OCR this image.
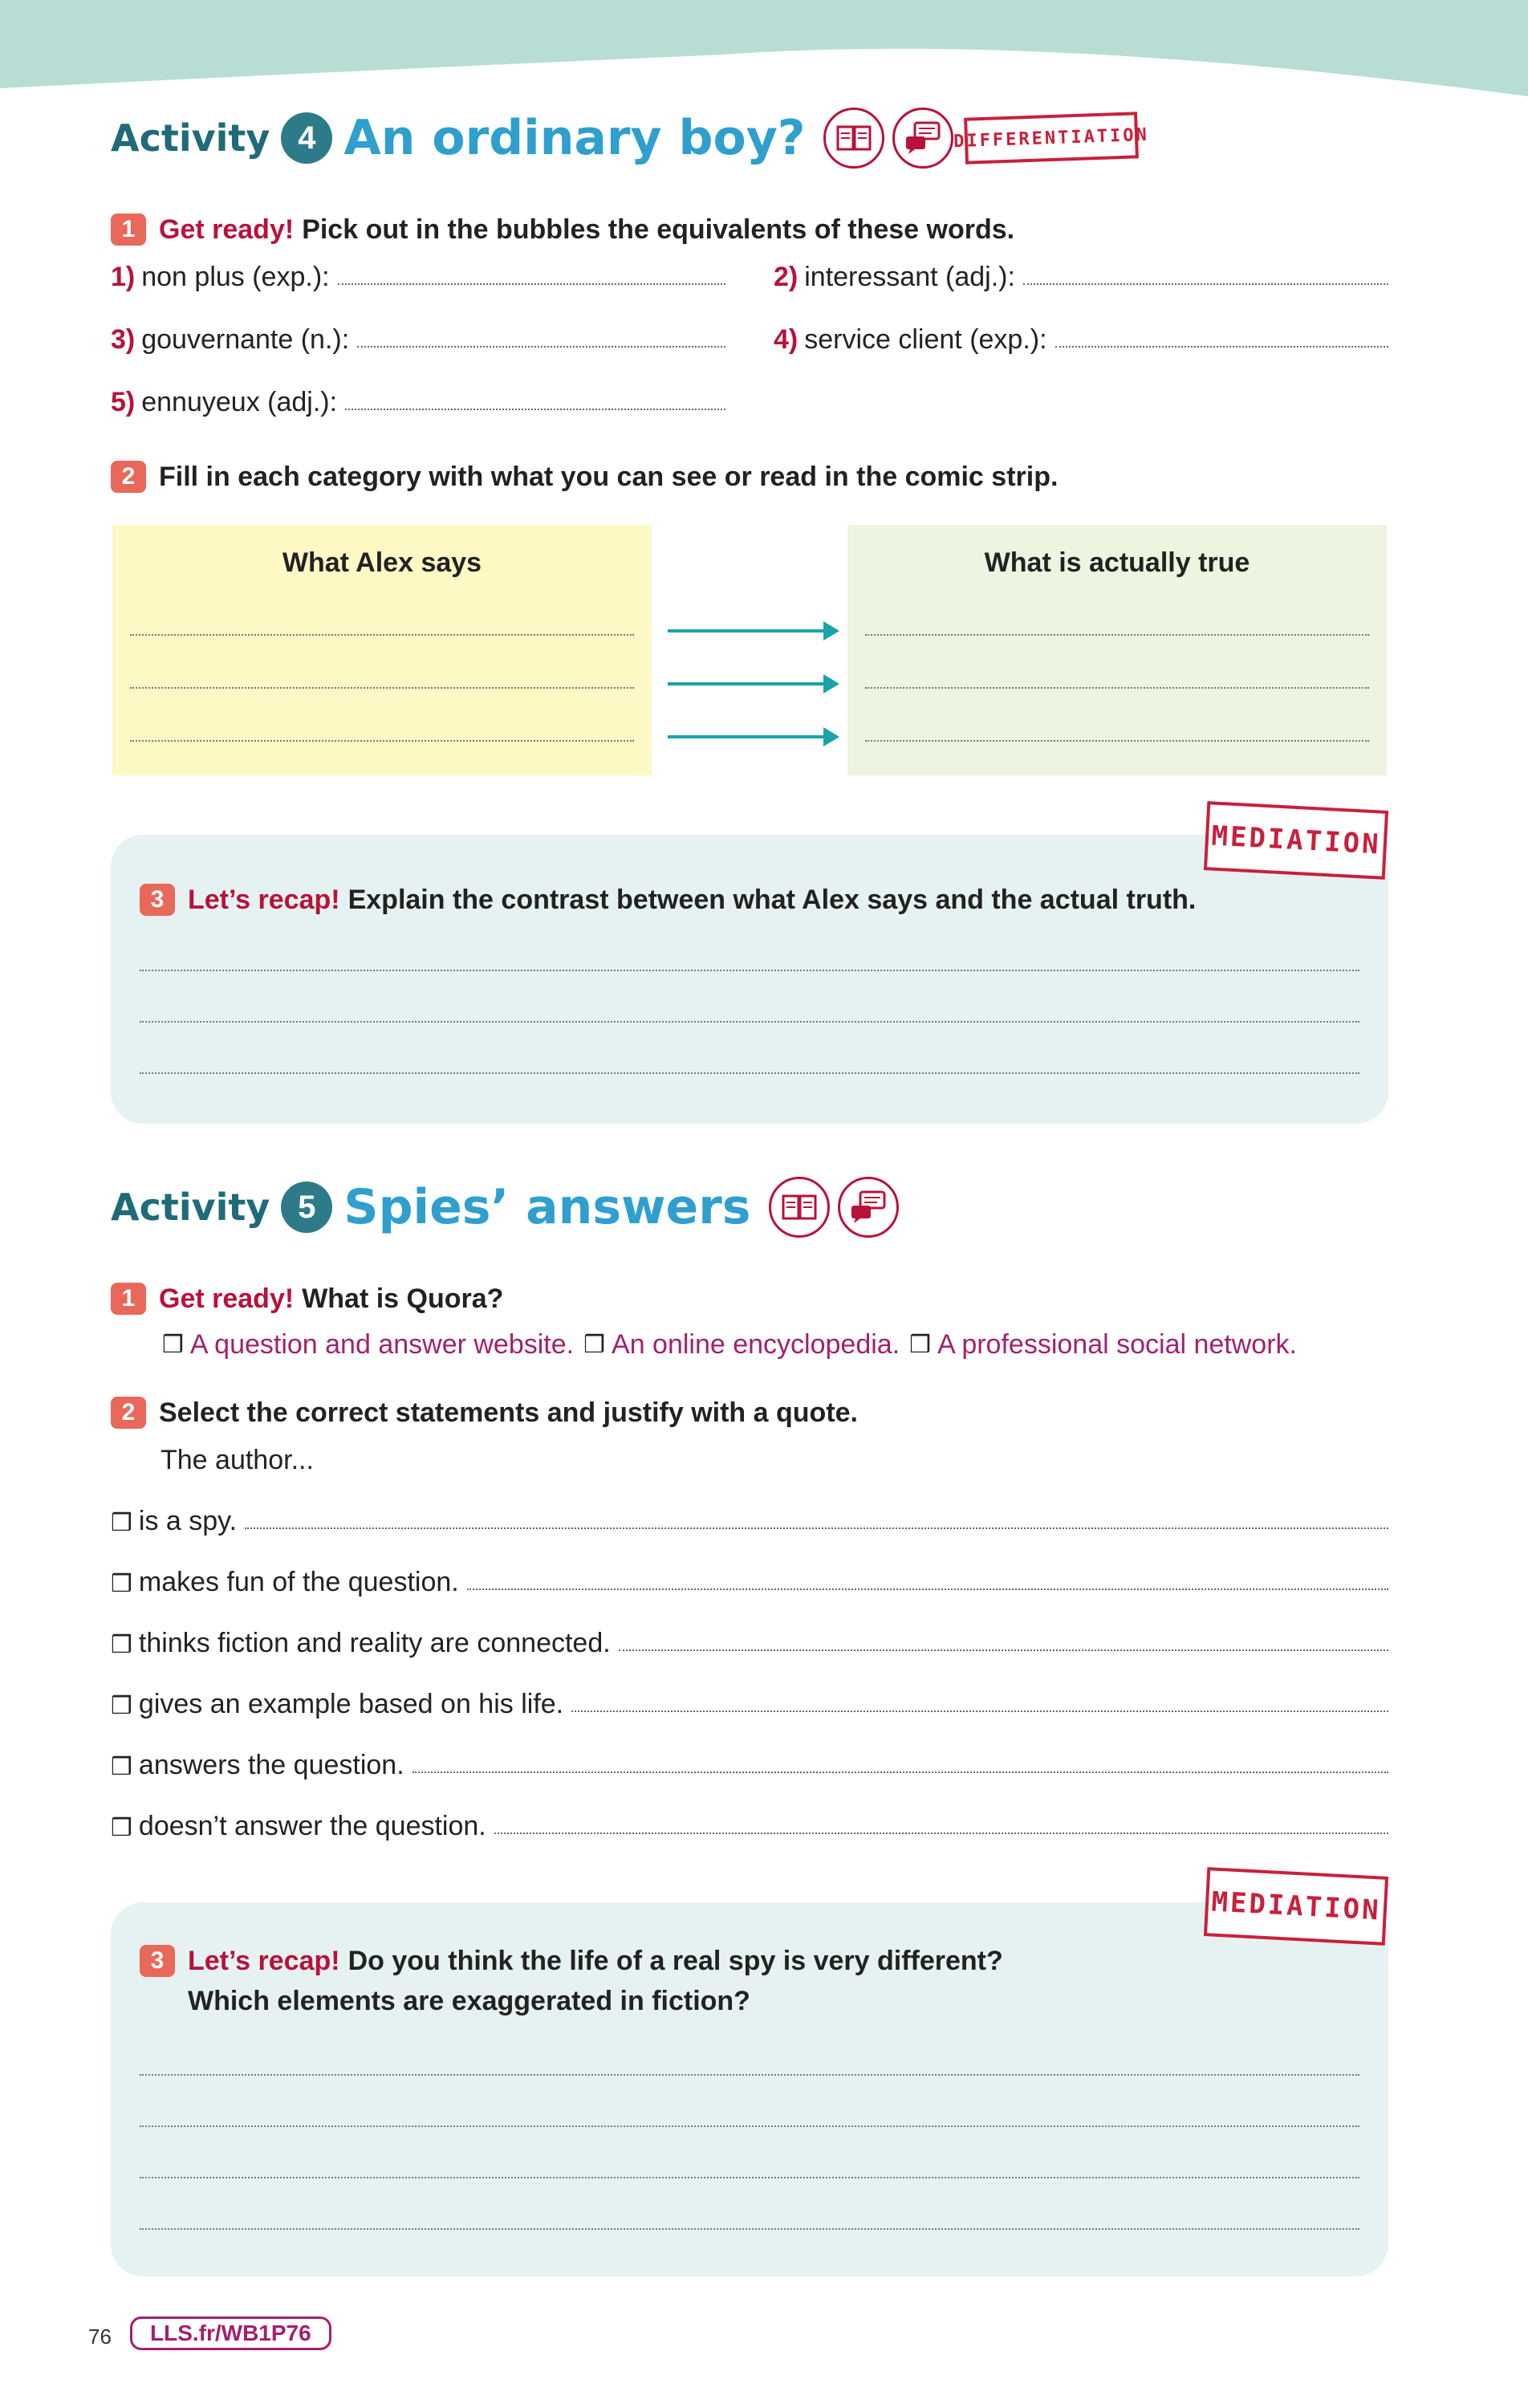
Activity 4 An ordinary boy?	DIFFERENTIATION
1 Get ready! Pick out in the bubbles the equivalents of these words.
1) non plus (exp.):	2) interessant (adj.):
3) gouvernante (n.):	4) service client (exp.):
5) ennuyeux (adj.):
2 Fill in each category with what you can see or read in the comic strip.
What Alex says	What is actually true
3 Let’s recap! Explain the contrast between what Alex says and the actual truth.
MEDIATION
Activity 5 Spies’ answers
1 Get ready! What is Quora?
❒ A question and answer website. ❒ An online encyclopedia. ❒ A professional social network.
2 Select the correct statements and justify with a quote.
The author...
❒ is a spy.
❒ makes fun of the question.
❒ thinks fiction and reality are connected.
❒ gives an example based on his life.
❒ answers the question.
❒ doesn’t answer the question.
3 Let’s recap! Do you think the life of a real spy is very different?
Which elements are exaggerated in fiction?
MEDIATION
76	LLS.fr/WB1P76
